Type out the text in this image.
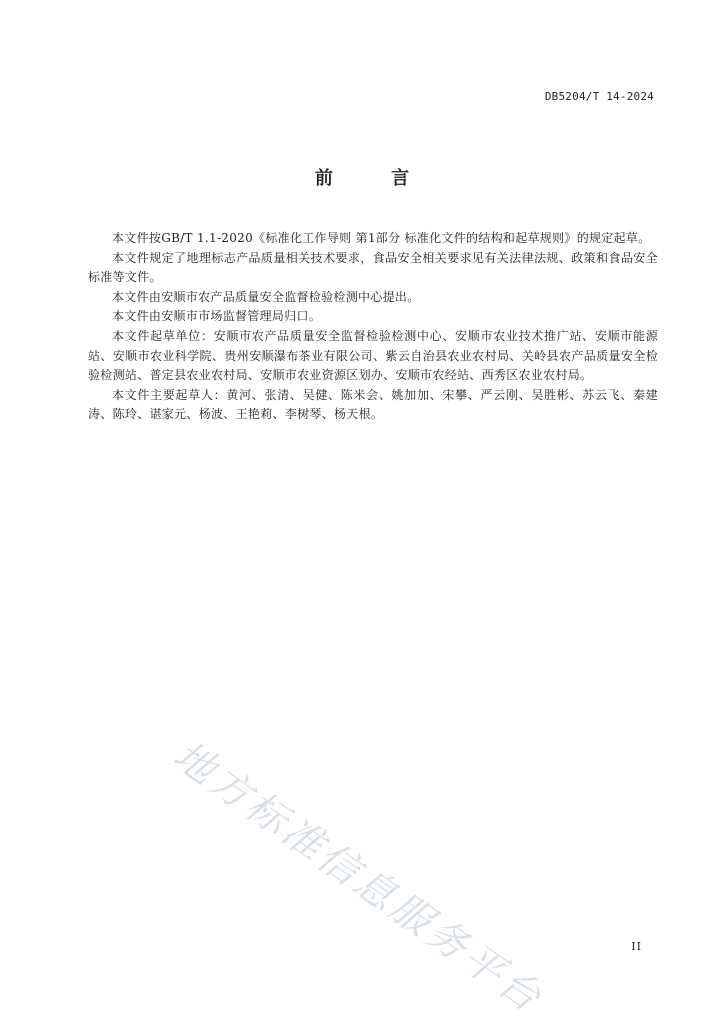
DB5204/T 14-2024
前 言

本文件按GB/T 1.1-2020《标准化工作导则 第1部分 标准化文件的结构和起草规则》的规定起草。

本文件规定了地理标志产品质量相关技术要求，食品安全相关要求见有关法律法规、政策和食品安全标准等文件。

本文件由安顺市农产品质量安全监督检验检测中心提出。

本文件由安顺市市场监督管理局归口。

本文件起草单位：安顺市农产品质量安全监督检验检测中心、安顺市农业技术推广站、安顺市能源站、安顺市农业科学院、贵州安顺瀑布茶业有限公司、紫云自治县农业农村局、关岭县农产品质量安全检验检测站、普定县农业农村局、安顺市农业资源区划办、安顺市农经站、西秀区农业农村局。

本文件主要起草人：黄河、张清、吴健、陈米会、姚加加、宋攀、严云刚、吴胜彬、苏云飞、秦建涛、陈玲、谌家元、杨波、王艳莉、李树琴、杨天根。

地方标准信息服务平台	II
